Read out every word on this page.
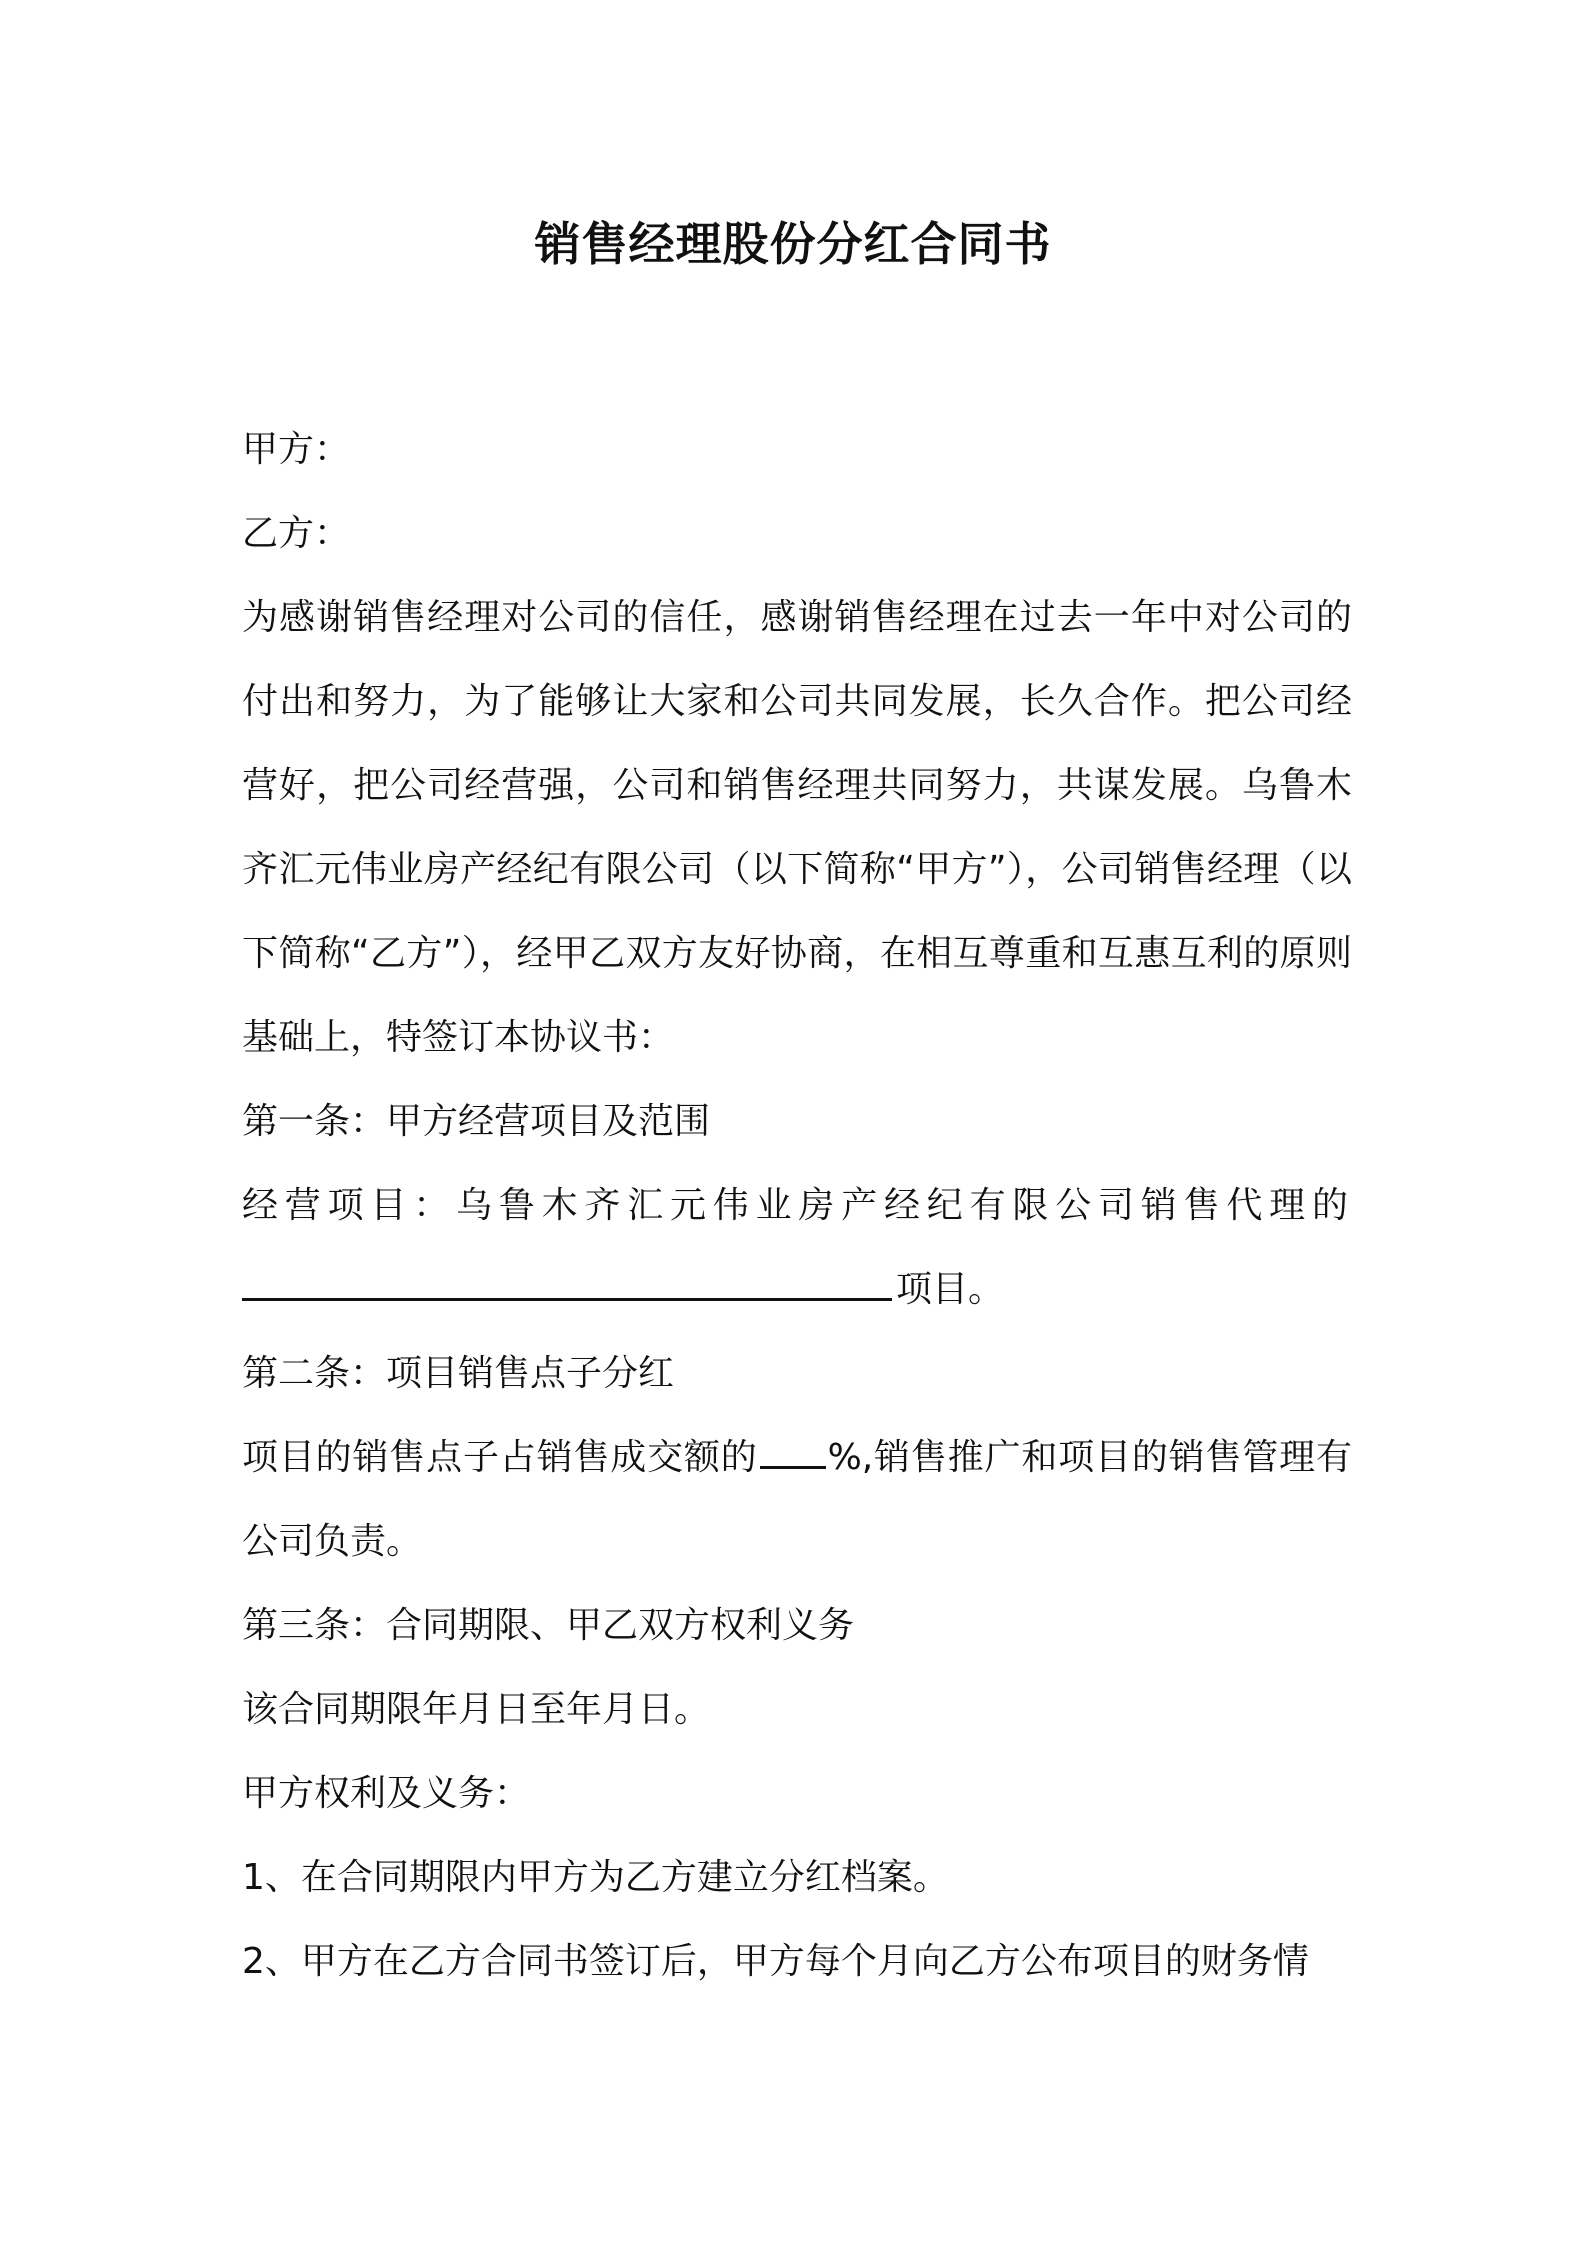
销售经理股份分红合同书

甲方：

乙方：

为感谢销售经理对公司的信任，感谢销售经理在过去一年中对公司的付出和努力，为了能够让大家和公司共同发展，长久合作。把公司经营好，把公司经营强，公司和销售经理共同努力，共谋发展。乌鲁木齐汇元伟业房产经纪有限公司（以下简称“甲方”），公司销售经理（以下简称“乙方”），经甲乙双方友好协商，在相互尊重和互惠互利的原则基础上，特签订本协议书：

第一条：甲方经营项目及范围

经营项目：乌鲁木齐汇元伟业房产经纪有限公司销售代理的

项目。

第二条：项目销售点子分红

项目的销售点子占销售成交额的 %,销售推广和项目的销售管理有公司负责。

第三条：合同期限、甲乙双方权利义务

该合同期限年月日至年月日。

甲方权利及义务：

1、在合同期限内甲方为乙方建立分红档案。

2、甲方在乙方合同书签订后，甲方每个月向乙方公布项目的财务情
